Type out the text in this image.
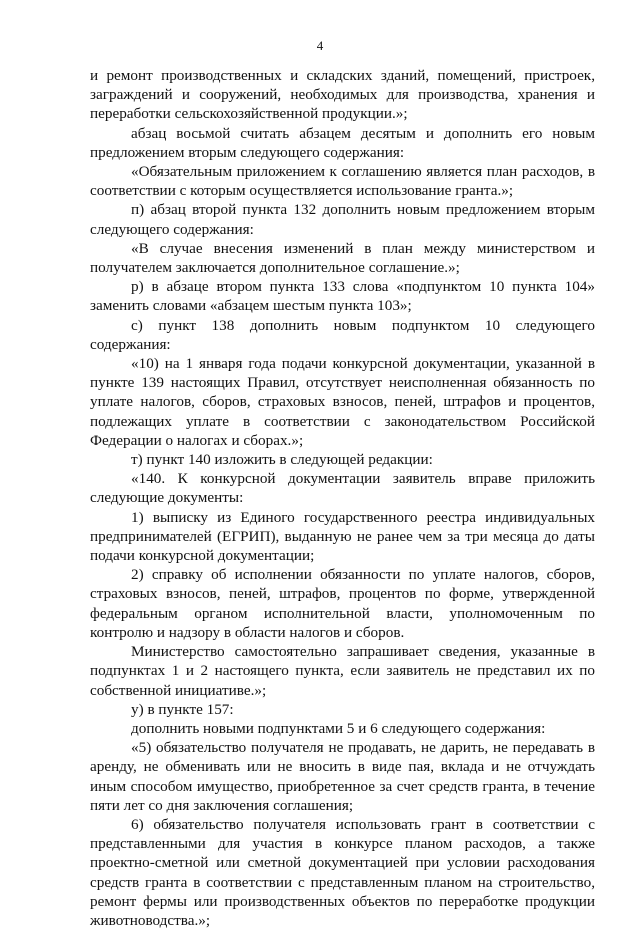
4

и ремонт производственных и складских зданий, помещений, пристроек, заграждений и сооружений, необходимых для производства, хранения и переработки сельскохозяйственной продукции.»;

абзац восьмой считать абзацем десятым и дополнить его новым предложением вторым следующего содержания:

«Обязательным приложением к соглашению является план расходов, в соответствии с которым осуществляется использование гранта.»;

п) абзац второй пункта 132 дополнить новым предложением вторым следующего содержания:

«В случае внесения изменений в план между министерством и получателем заключается дополнительное соглашение.»;

р) в абзаце втором пункта 133 слова «подпунктом 10 пункта 104» заменить словами «абзацем шестым пункта 103»;

с) пункт 138 дополнить новым подпунктом 10 следующего содержания:

«10) на 1 января года подачи конкурсной документации, указанной в пункте 139 настоящих Правил, отсутствует неисполненная обязанность по уплате налогов, сборов, страховых взносов, пеней, штрафов и процентов, подлежащих уплате в соответствии с законодательством Российской Федерации о налогах и сборах.»;

т) пункт 140 изложить в следующей редакции:

«140. К конкурсной документации заявитель вправе приложить следующие документы:

1) выписку из Единого государственного реестра индивидуальных предпринимателей (ЕГРИП), выданную не ранее чем за три месяца до даты подачи конкурсной документации;

2) справку об исполнении обязанности по уплате налогов, сборов, страховых взносов, пеней, штрафов, процентов по форме, утвержденной федеральным органом исполнительной власти, уполномоченным по контролю и надзору в области налогов и сборов.

Министерство самостоятельно запрашивает сведения, указанные в подпунктах 1 и 2 настоящего пункта, если заявитель не представил их по собственной инициативе.»;

у) в пункте 157:

дополнить новыми подпунктами 5 и 6 следующего содержания:

«5) обязательство получателя не продавать, не дарить, не передавать в аренду, не обменивать или не вносить в виде пая, вклада и не отчуждать иным способом имущество, приобретенное за счет средств гранта, в течение пяти лет со дня заключения соглашения;

6) обязательство получателя использовать грант в соответствии с представленными для участия в конкурсе планом расходов, а также проектно-сметной или сметной документацией при условии расходования средств гранта в соответствии с представленным планом на строительство, ремонт фермы или производственных объектов по переработке продукции животноводства.»;
